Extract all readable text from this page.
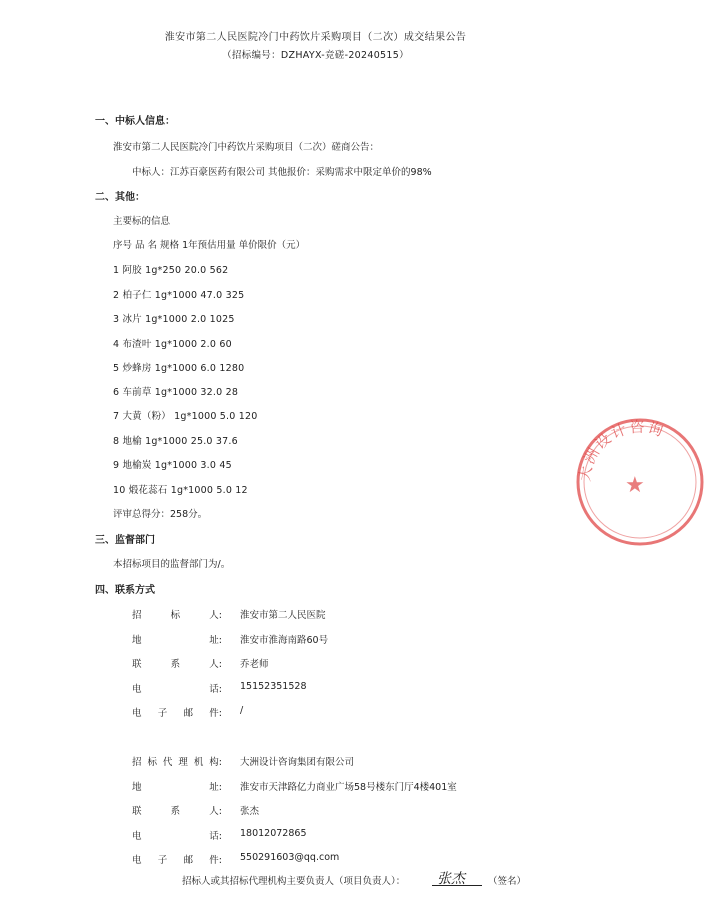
淮安市第二人民医院冷门中药饮片采购项目（二次）成交结果公告
（招标编号：DZHAYX-竞磋-20240515）
一、中标人信息：
淮安市第二人民医院冷门中药饮片采购项目（二次）磋商公告：
中标人：江苏百豪医药有限公司 其他报价：采购需求中限定单价的98%
二、其他：
主要标的信息
序号 品 名 规格 1年预估用量 单价限价（元）
1 阿胶 1g*250 20.0 562
2 柏子仁 1g*1000 47.0 325
3 冰片 1g*1000 2.0 1025
4 布渣叶 1g*1000 2.0 60
5 炒蜂房 1g*1000 6.0 1280
6 车前草 1g*1000 32.0 28
7 大黄（粉） 1g*1000 5.0 120
8 地榆 1g*1000 25.0 37.6
9 地榆炭 1g*1000 3.0 45
10 煅花蕊石 1g*1000 5.0 12
评审总得分：258分。
三、监督部门
本招标项目的监督部门为/。
四、联系方式
招	标	人: 淮安市第二人民医院
地	址: 淮安市淮海南路60号
联	系	人: 乔老师
电	话: 15152351528
电 子 邮 件: /
招 标 代 理 机 构: 大洲设计咨询集团有限公司
地	址: 淮安市天津路亿力商业广场58号楼东门厅4楼401室
联	系	人: 张杰
电	话: 18012072865
电 子 邮 件: 550291603@qq.com
招标人或其招标代理机构主要负责人（项目负责人）： 张杰 （签名）
大洲设计咨询
★
